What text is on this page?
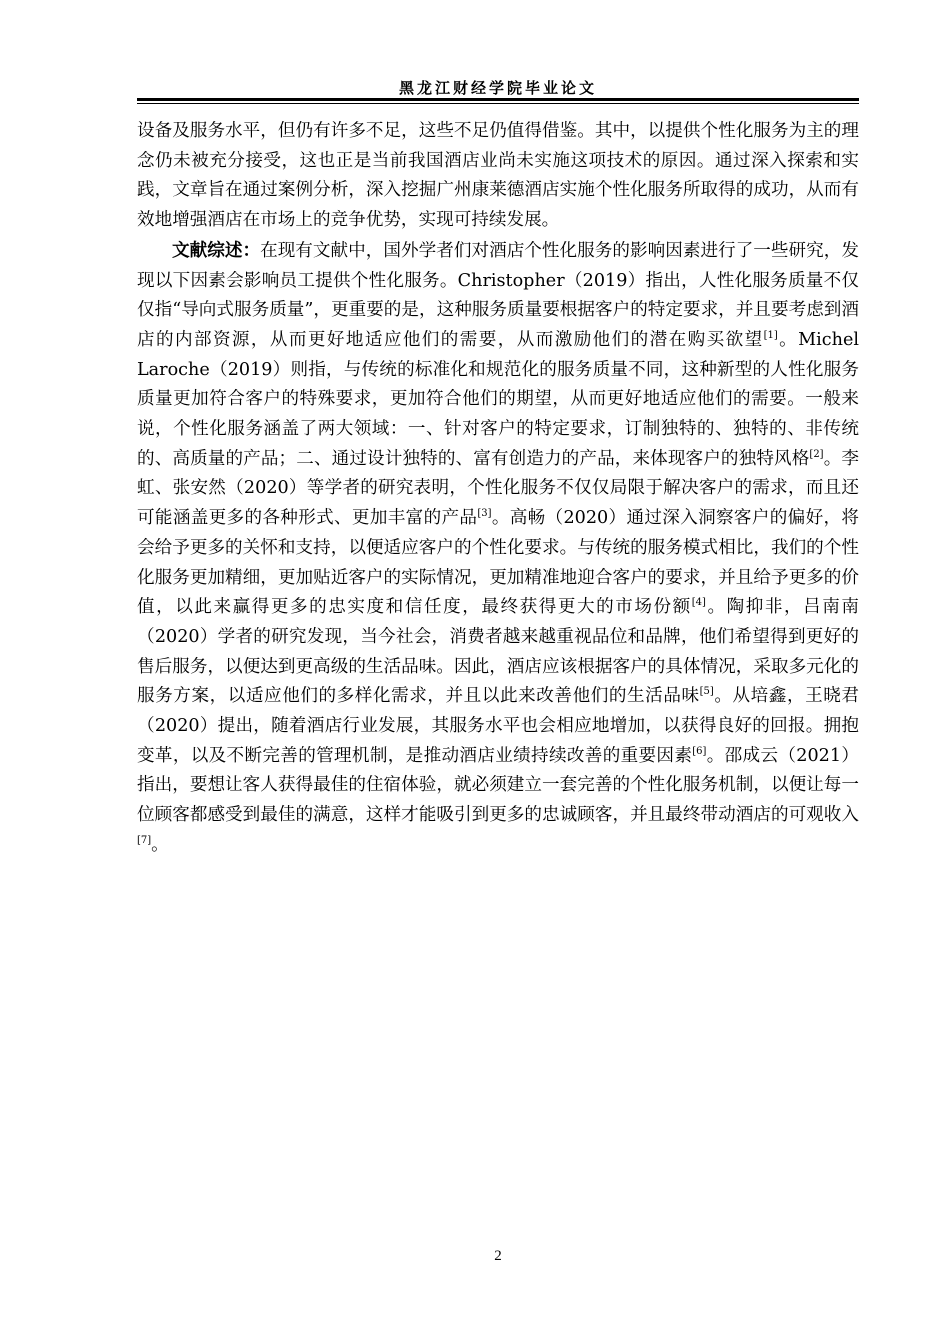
黑龙江财经学院毕业论文

设备及服务水平，但仍有许多不足，这些不足仍值得借鉴。其中，以提供个性化服务为主的理念仍未被充分接受，这也正是当前我国酒店业尚未实施这项技术的原因。通过深入探索和实践，文章旨在通过案例分析，深入挖掘广州康莱德酒店实施个性化服务所取得的成功，从而有效地增强酒店在市场上的竞争优势，实现可持续发展。

文献综述：在现有文献中，国外学者们对酒店个性化服务的影响因素进行了一些研究，发现以下因素会影响员工提供个性化服务。Christopher（2019）指出，人性化服务质量不仅仅指“导向式服务质量”，更重要的是，这种服务质量要根据客户的特定要求，并且要考虑到酒店的内部资源，从而更好地适应他们的需要，从而激励他们的潜在购买欲望[1]。Michel Laroche（2019）则指，与传统的标准化和规范化的服务质量不同，这种新型的人性化服务质量更加符合客户的特殊要求，更加符合他们的期望，从而更好地适应他们的需要。一般来说，个性化服务涵盖了两大领域：一、针对客户的特定要求，订制独特的、独特的、非传统的、高质量的产品；二、通过设计独特的、富有创造力的产品，来体现客户的独特风格[2]。李虹、张安然（2020）等学者的研究表明，个性化服务不仅仅局限于解决客户的需求，而且还可能涵盖更多的各种形式、更加丰富的产品[3]。高畅（2020）通过深入洞察客户的偏好，将会给予更多的关怀和支持，以便适应客户的个性化要求。与传统的服务模式相比，我们的个性化服务更加精细，更加贴近客户的实际情况，更加精准地迎合客户的要求，并且给予更多的价值，以此来赢得更多的忠实度和信任度，最终获得更大的市场份额[4]。陶抑非，吕南南（2020）学者的研究发现，当今社会，消费者越来越重视品位和品牌，他们希望得到更好的售后服务，以便达到更高级的生活品味。因此，酒店应该根据客户的具体情况，采取多元化的服务方案，以适应他们的多样化需求，并且以此来改善他们的生活品味[5]。从培鑫，王晓君（2020）提出，随着酒店行业发展，其服务水平也会相应地增加，以获得良好的回报。拥抱变革，以及不断完善的管理机制，是推动酒店业绩持续改善的重要因素[6]。邵成云（2021）指出，要想让客人获得最佳的住宿体验，就必须建立一套完善的个性化服务机制，以便让每一位顾客都感受到最佳的满意，这样才能吸引到更多的忠诚顾客，并且最终带动酒店的可观收入[7]。

2
